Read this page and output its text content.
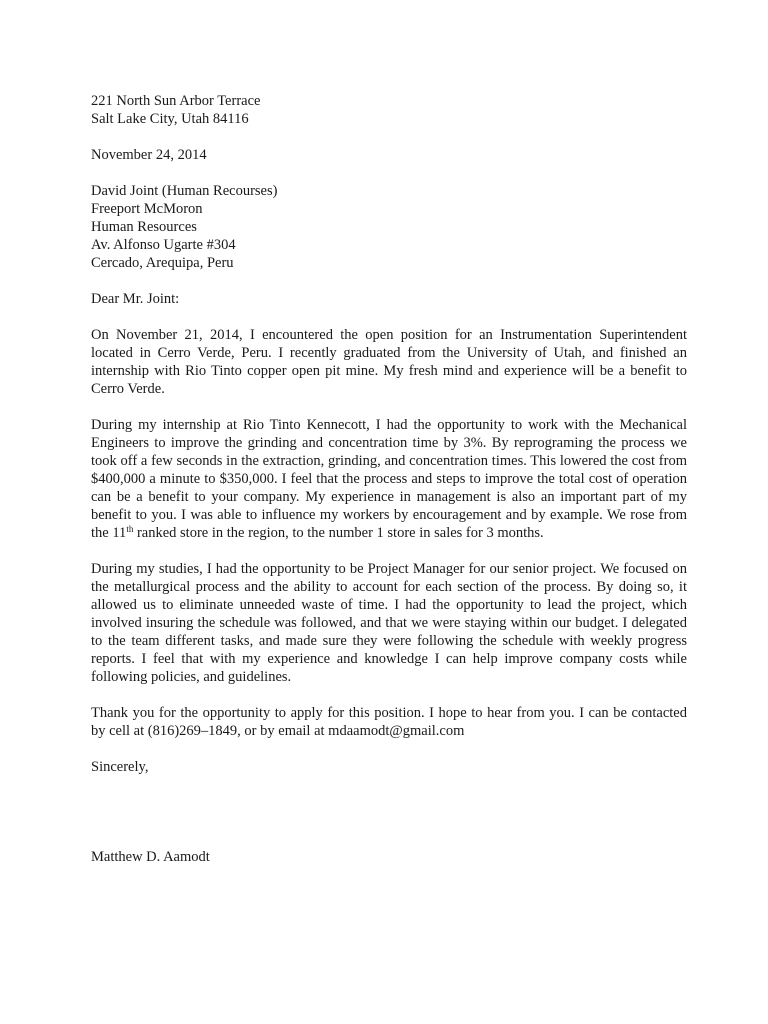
221 North Sun Arbor Terrace
Salt Lake City, Utah 84116
November 24, 2014
David Joint (Human Recourses)
Freeport McMoron
Human Resources
Av. Alfonso Ugarte #304
Cercado, Arequipa, Peru
Dear Mr. Joint:

On November 21, 2014, I encountered the open position for an Instrumentation Superintendent located in Cerro Verde, Peru. I recently graduated from the University of Utah, and finished an internship with Rio Tinto copper open pit mine. My fresh mind and experience will be a benefit to Cerro Verde.

During my internship at Rio Tinto Kennecott, I had the opportunity to work with the Mechanical Engineers to improve the grinding and concentration time by 3%. By reprograming the process we took off a few seconds in the extraction, grinding, and concentration times. This lowered the cost from $400,000 a minute to $350,000. I feel that the process and steps to improve the total cost of operation can be a benefit to your company. My experience in management is also an important part of my benefit to you. I was able to influence my workers by encouragement and by example. We rose from the 11th ranked store in the region, to the number 1 store in sales for 3 months.

During my studies, I had the opportunity to be Project Manager for our senior project. We focused on the metallurgical process and the ability to account for each section of the process. By doing so, it allowed us to eliminate unneeded waste of time. I had the opportunity to lead the project, which involved insuring the schedule was followed, and that we were staying within our budget. I delegated to the team different tasks, and made sure they were following the schedule with weekly progress reports. I feel that with my experience and knowledge I can help improve company costs while following policies, and guidelines.

Thank you for the opportunity to apply for this position. I hope to hear from you. I can be contacted by cell at (816)269–1849, or by email at mdaamodt@gmail.com

Sincerely,
Matthew D. Aamodt
